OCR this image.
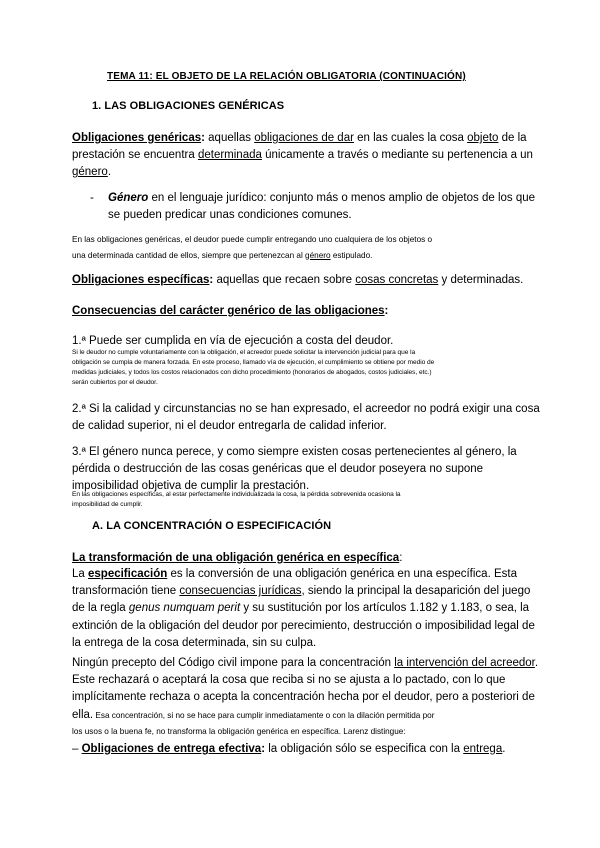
TEMA 11: EL OBJETO DE LA RELACIÓN OBLIGATORIA (CONTINUACIÓN)
1. LAS OBLIGACIONES GENÉRICAS
Obligaciones genéricas: aquellas obligaciones de dar en las cuales la cosa objeto de la
prestación se encuentra determinada únicamente a través o mediante su pertenencia a un
género.
- Género en el lenguaje jurídico: conjunto más o menos amplio de objetos de los que
se pueden predicar unas condiciones comunes.
En las obligaciones genéricas, el deudor puede cumplir entregando uno cualquiera de los objetos o
una determinada cantidad de ellos, siempre que pertenezcan al género estipulado.
Obligaciones específicas: aquellas que recaen sobre cosas concretas y determinadas.
Consecuencias del carácter genérico de las obligaciones:
1.ª Puede ser cumplida en vía de ejecución a costa del deudor.
Si le deudor no cumple voluntariamente con la obligación, el acreedor puede solicitar la intervención judicial para que la
obligación se cumpla de manera forzada. En este proceso, llamado vía de ejecución, el cumplimiento se obtiene por medio de
medidas judiciales, y todos los costos relacionados con dicho procedimiento (honorarios de abogados, costos judiciales, etc.)
serán cubiertos por el deudor.
2.ª Si la calidad y circunstancias no se han expresado, el acreedor no podrá exigir una cosa
de calidad superior, ni el deudor entregarla de calidad inferior.
3.ª El género nunca perece, y como siempre existen cosas pertenecientes al género, la
pérdida o destrucción de las cosas genéricas que el deudor poseyera no supone
imposibilidad objetiva de cumplir la prestación.
En las obligaciones específicas, al estar perfectamente individualizada la cosa, la pérdida sobrevenida ocasiona la
imposibilidad de cumplir.
A. LA CONCENTRACIÓN O ESPECIFICACIÓN
La transformación de una obligación genérica en específica:
La especificación es la conversión de una obligación genérica en una específica. Esta
transformación tiene consecuencias jurídicas, siendo la principal la desaparición del juego
de la regla genus numquam perit y su sustitución por los artículos 1.182 y 1.183, o sea, la
extinción de la obligación del deudor por perecimiento, destrucción o imposibilidad legal de
la entrega de la cosa determinada, sin su culpa.
Ningún precepto del Código civil impone para la concentración la intervención del acreedor.
Este rechazará o aceptará la cosa que reciba si no se ajusta a lo pactado, con lo que
implícitamente rechaza o acepta la concentración hecha por el deudor, pero a posteriori de
ella. Esa concentración, si no se hace para cumplir inmediatamente o con la dilación permitida por
los usos o la buena fe, no transforma la obligación genérica en específica. Larenz distingue:
– Obligaciones de entrega efectiva: la obligación sólo se especifica con la entrega.
